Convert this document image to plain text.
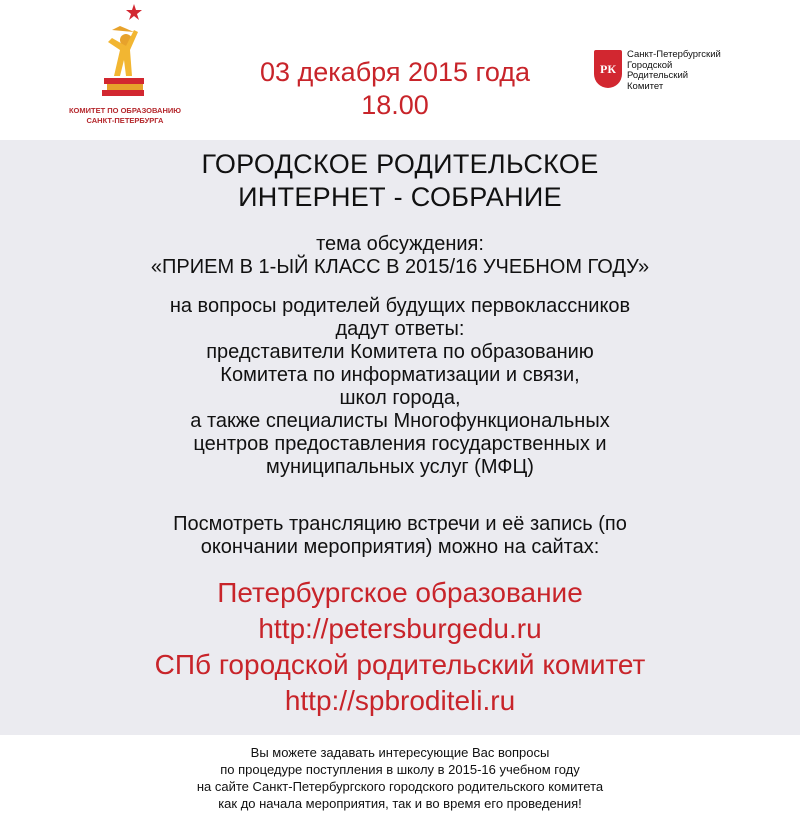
КОМИТЕТ ПО ОБРАЗОВАНИЮ
САНКТ-ПЕТЕРБУРГА
03 декабря 2015 года
18.00
РК
Санкт-Петербургский
Городской
Родительский
Комитет
ГОРОДСКОЕ РОДИТЕЛЬСКОЕ
ИНТЕРНЕТ - СОБРАНИЕ
тема обсуждения:
«ПРИЕМ В 1-ЫЙ КЛАСС В 2015/16 УЧЕБНОМ ГОДУ»
на вопросы родителей будущих первоклассников
дадут ответы:
представители Комитета по образованию
Комитета по информатизации и связи,
школ города,
а также специалисты Многофункциональных
центров предоставления государственных и
муниципальных услуг (МФЦ)
Посмотреть трансляцию встречи и её запись (по
окончании мероприятия) можно на сайтах:
Петербургское образование
http://petersburgedu.ru
СПб городской родительский комитет
http://spbroditeli.ru
Вы можете задавать интересующие Вас вопросы
по процедуре поступления в школу в 2015-16 учебном году
на сайте Санкт-Петербургского городского родительского комитета
как до начала мероприятия, так и во время его проведения!
